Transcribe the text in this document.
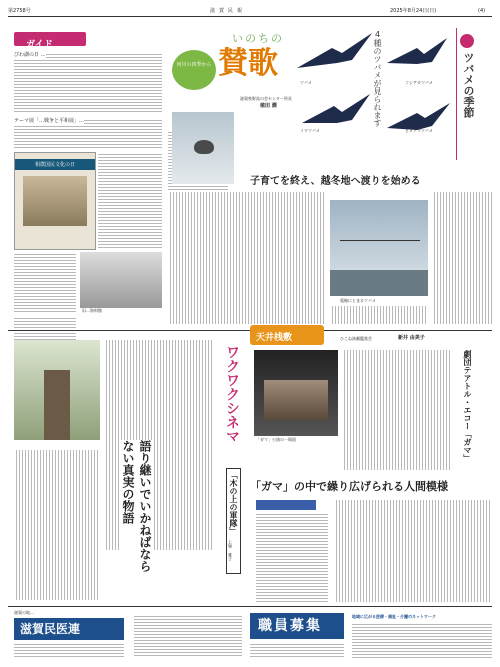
第2758号	滋賀民報	2025年8月24日(日)	(4)
ガイド
びわ湖の日 …
テーマ展「…戦争と平和展」…
相撲国民文化の日
旧…資料館
河川の四季から
いのちの
賛歌
滋賀県野鳥の会センター所長
植田 潤
ツバメ	コシアカツバメ
イワツバメ	ヒメアマツバメ
4種のツバメが見られます	ツバメの季節
子育てを終え、越冬地へ渡りを始める
電線にとまるツバメ
語り継いでいかねばならない真実の物語
ワクワクシネマ
「木の上の軍隊」
上堀 雅子
天井桟敷	ひこね演劇鑑賞会	新井 由美子
「ガマ」公演の一場面	劇団テアトル・エコー「ガマ」
「ガマ」の中で繰り広げられる人間模様
滋賀の地…
滋賀民医連	職員募集
地域に広がる医療・福祉・介護のネットワーク
